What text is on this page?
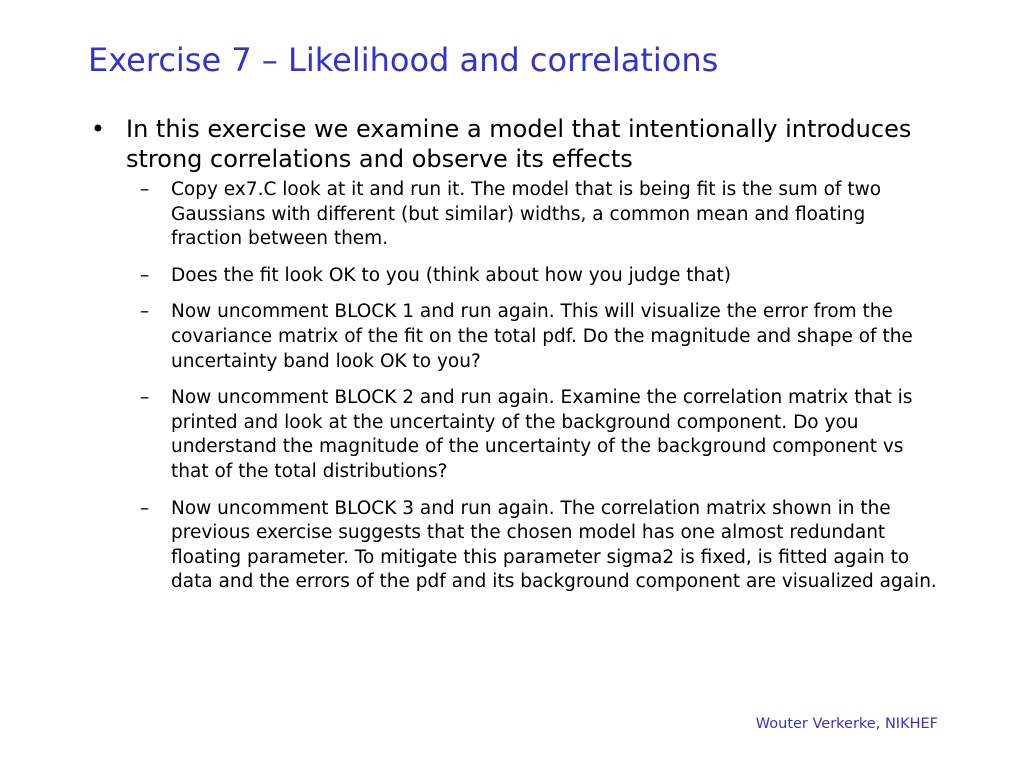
Exercise 7 – Likelihood and correlations
• In this exercise we examine a model that intentionally introduces strong correlations and observe its effects
–	Copy ex7.C look at it and run it. The model that is being fit is the sum of two Gaussians with different (but similar) widths, a common mean and floating fraction between them.
–	Does the fit look OK to you (think about how you judge that)
–	Now uncomment BLOCK 1 and run again. This will visualize the error from the covariance matrix of the fit on the total pdf. Do the magnitude and shape of the uncertainty band look OK to you?
–	Now uncomment BLOCK 2 and run again. Examine the correlation matrix that is printed and look at the uncertainty of the background component. Do you understand the magnitude of the uncertainty of the background component vs that of the total distributions?
–	Now uncomment BLOCK 3 and run again. The correlation matrix shown in the previous exercise suggests that the chosen model has one almost redundant floating parameter. To mitigate this parameter sigma2 is fixed, is fitted again to data and the errors of the pdf and its background component are visualized again.
Wouter Verkerke, NIKHEF
